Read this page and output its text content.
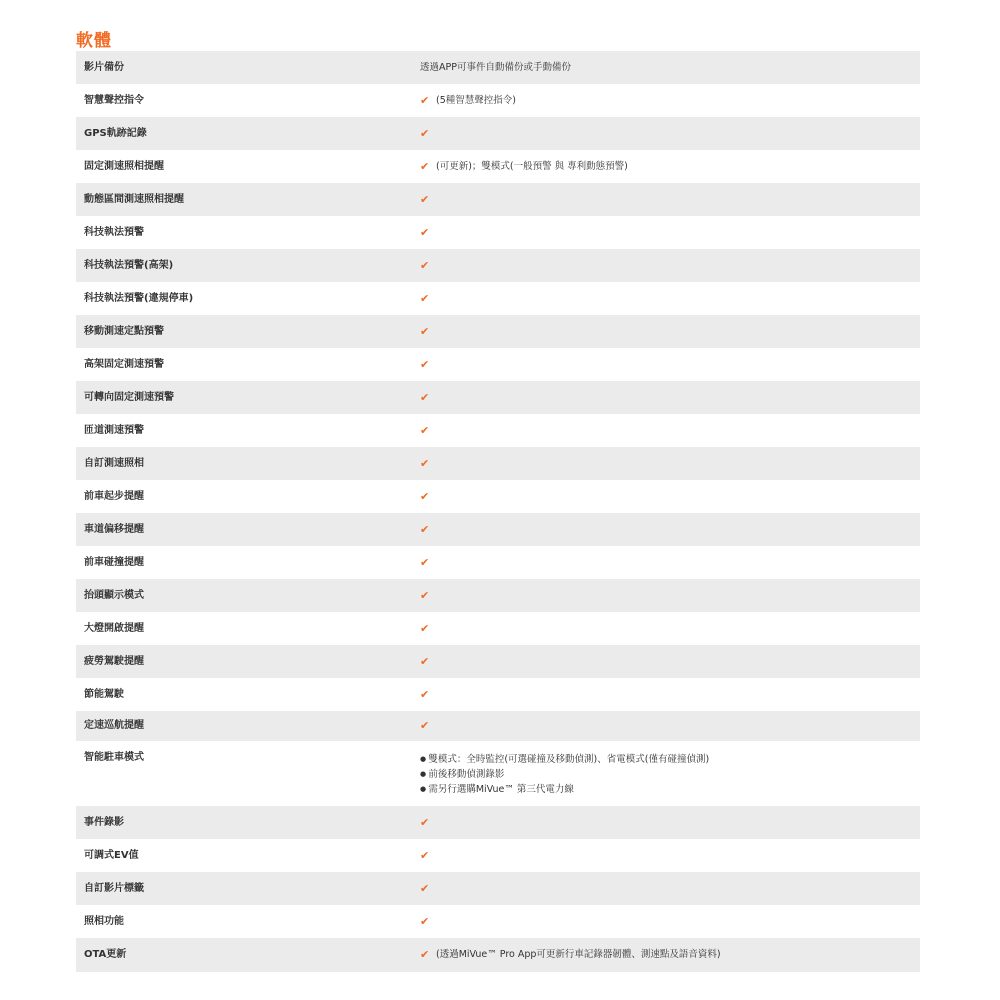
軟體
影片備份	透過APP可事件自動備份或手動備份
智慧聲控指令	✔ (5種智慧聲控指令)
GPS軌跡記錄	✔
固定測速照相提醒	✔ (可更新)；雙模式(一般預警 與 專利動態預警)
動態區間測速照相提醒	✔
科技執法預警	✔
科技執法預警(高架)	✔
科技執法預警(違規停車)	✔
移動測速定點預警	✔
高架固定測速預警	✔
可轉向固定測速預警	✔
匝道測速預警	✔
自訂測速照相	✔
前車起步提醒	✔
車道偏移提醒	✔
前車碰撞提醒	✔
抬頭顯示模式	✔
大燈開啟提醒	✔
疲勞駕駛提醒	✔
節能駕駛	✔
定速巡航提醒	✔
智能駐車模式	● 雙模式：全時監控(可選碰撞及移動偵測)、省電模式(僅有碰撞偵測)
● 前後移動偵測錄影
● 需另行選購MiVue™ 第三代電力線
事件錄影	✔
可調式EV值	✔
自訂影片標籤	✔
照相功能	✔
OTA更新	✔ (透過MiVue™ Pro App可更新行車記錄器韌體、測速點及語音資料)
